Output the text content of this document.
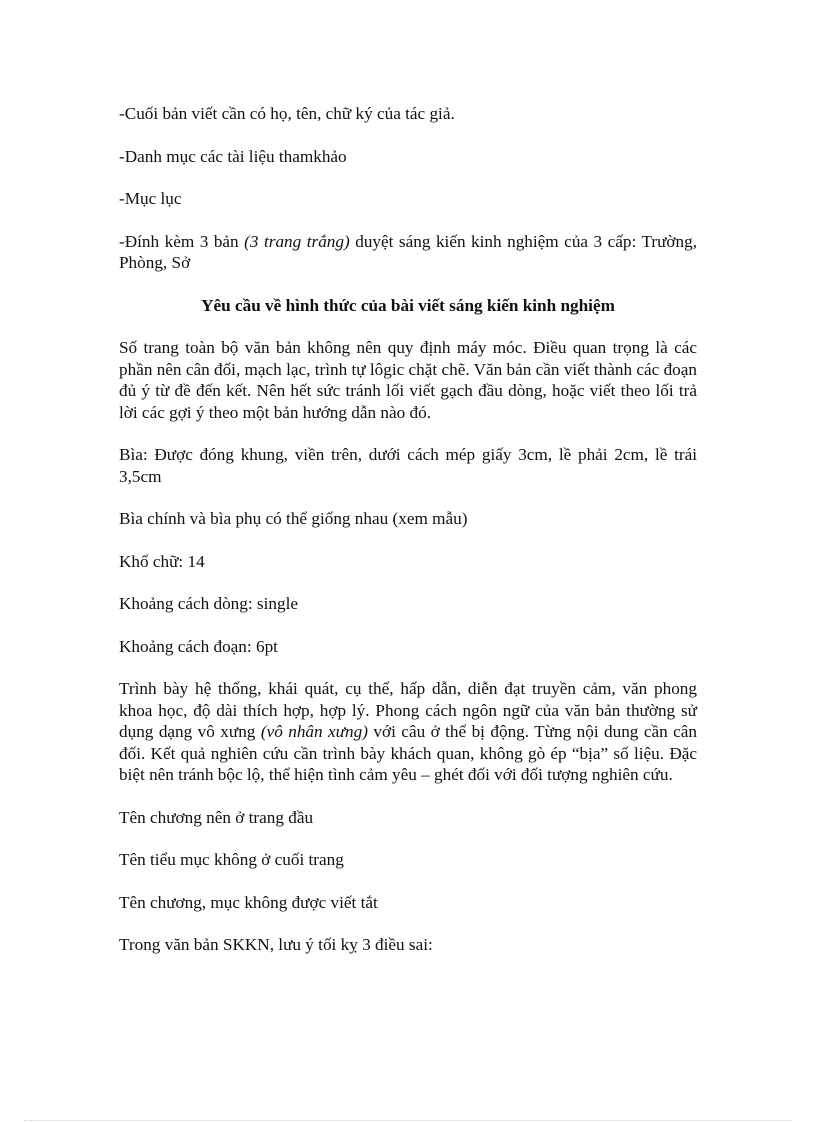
-Cuối bản viết cần có họ, tên, chữ ký của tác giả.

-Danh mục các tài liệu thamkhảo

-Mục lục

-Đính kèm 3 bản (3 trang trắng) duyệt sáng kiến kinh nghiệm của 3 cấp: Trường, Phòng, Sở

Yêu cầu về hình thức của bài viết sáng kiến kinh nghiệm

Số trang toàn bộ văn bản không nên quy định máy móc. Điều quan trọng là các phần nên cân đối, mạch lạc, trình tự lôgic chặt chẽ. Văn bản cần viết thành các đoạn đủ ý từ đề đến kết. Nên hết sức tránh lối viết gạch đầu dòng, hoặc viết theo lối trả lời các gợi ý theo một bản hướng dẫn nào đó.

Bìa: Được đóng khung, viền trên, dưới cách mép giấy 3cm, lề phải 2cm, lề trái 3,5cm

Bìa chính và bìa phụ có thể giống nhau (xem mẫu)

Khổ chữ: 14

Khoảng cách dòng: single

Khoảng cách đoạn: 6pt

Trình bày hệ thống, khái quát, cụ thể, hấp dẫn, diễn đạt truyền cảm, văn phong khoa học, độ dài thích hợp, hợp lý. Phong cách ngôn ngữ của văn bản thường sử dụng dạng vô xưng (vô nhân xưng) với câu ở thể bị động. Từng nội dung cần cân đối. Kết quả nghiên cứu cần trình bày khách quan, không gò ép “bịa” số liệu. Đặc biệt nên tránh bộc lộ, thể hiện tình cảm yêu – ghét đối với đối tượng nghiên cứu.

Tên chương nên ở trang đầu

Tên tiểu mục không ở cuối trang

Tên chương, mục không được viết tắt

Trong văn bản SKKN, lưu ý tối kỵ 3 điều sai:
